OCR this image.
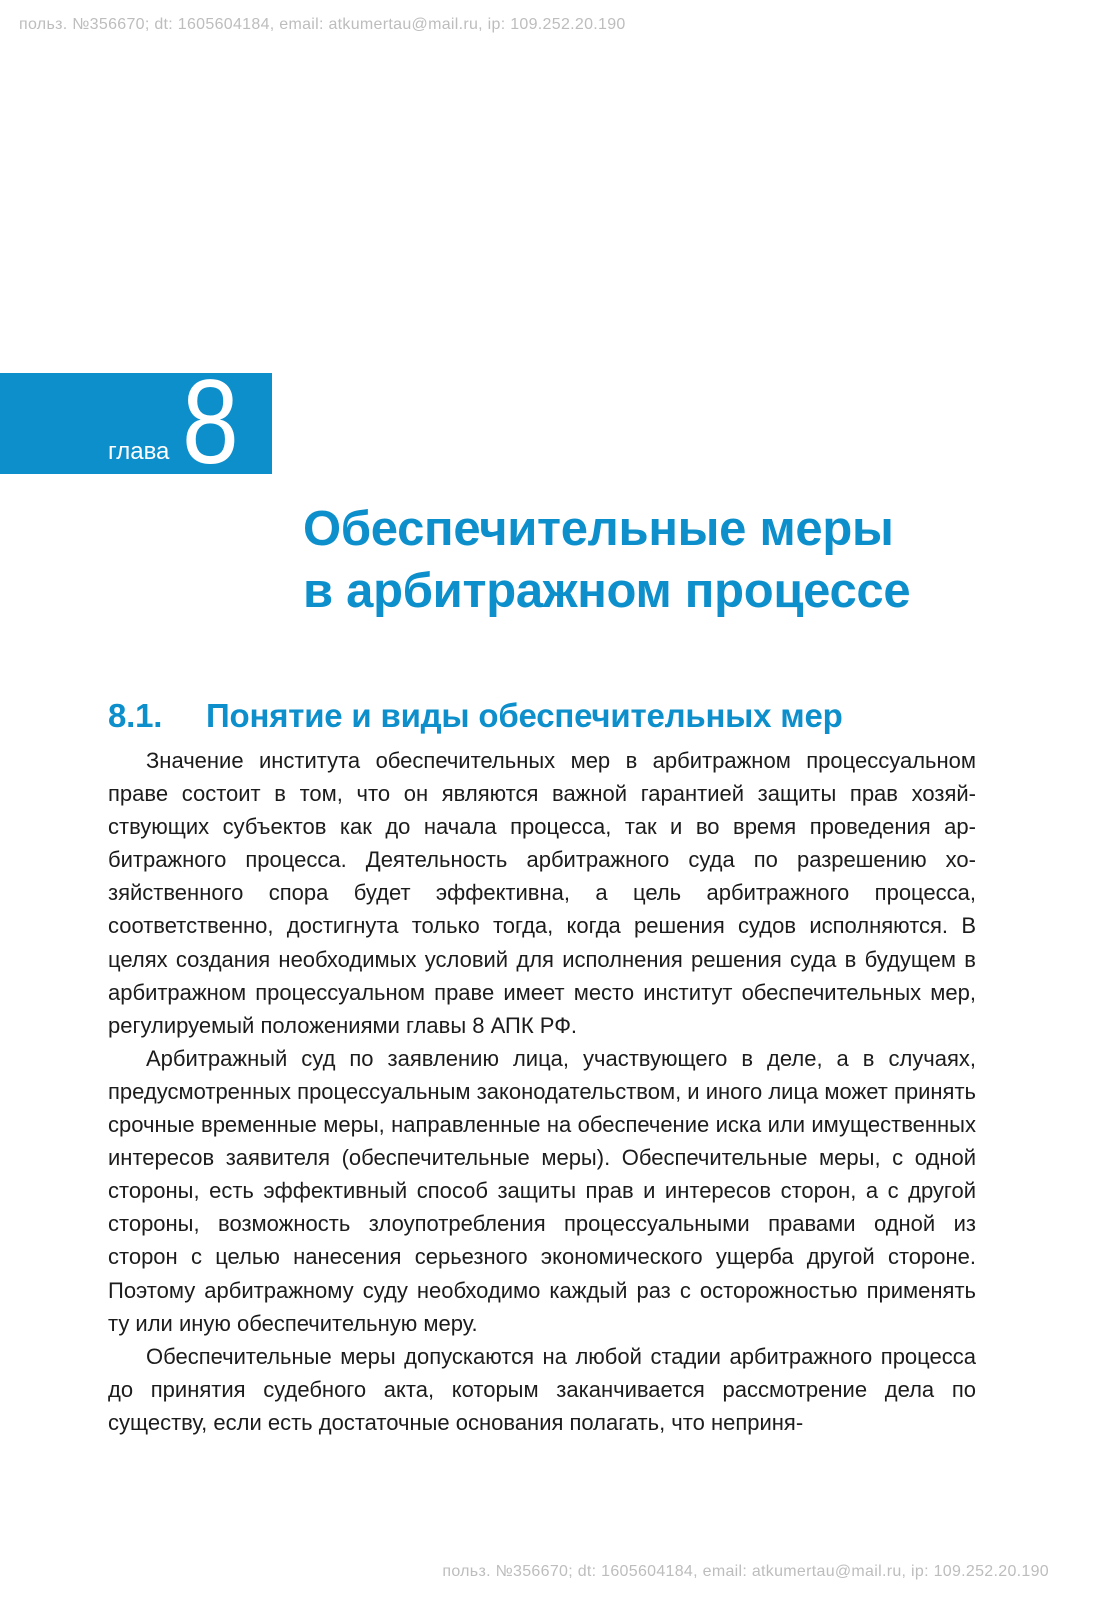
польз. №356670; dt: 1605604184, email: atkumertau@mail.ru, ip: 109.252.20.190
глава 8
Обеспечительные меры
в арбитражном процессе
8.1. Понятие и виды обеспечительных мер

Значение института обеспечительных мер в арбитражном процессуальном праве состоит в том, что он являются важной гарантией защиты прав хозяйствующих субъектов как до начала процесса, так и во время проведения арбитражного процесса. Деятельность арбитражного суда по разрешению хозяйственного спора будет эффективна, а цель арбитражного процесса, соответственно, достигнута только тогда, когда решения судов исполняются. В целях создания необходимых условий для исполнения решения суда в будущем в арбитражном процессуальном праве имеет место институт обеспечительных мер, регулируемый положениями главы 8 АПК РФ.

Арбитражный суд по заявлению лица, участвующего в деле, а в случаях, предусмотренных процессуальным законодательством, и иного лица может принять срочные временные меры, направленные на обеспечение иска или имущественных интересов заявителя (обеспечительные меры). Обеспечительные меры, с одной стороны, есть эффективный способ защиты прав и интересов сторон, а с другой стороны, возможность злоупотребления процессуальными правами одной из сторон с целью нанесения серьезного экономического ущерба другой стороне. Поэтому арбитражному суду необходимо каждый раз с осторожностью применять ту или иную обеспечительную меру.

Обеспечительные меры допускаются на любой стадии арбитражного процесса до принятия судебного акта, которым заканчивается рассмотрение дела по существу, если есть достаточные основания полагать, что неприня-

польз. №356670; dt: 1605604184, email: atkumertau@mail.ru, ip: 109.252.20.190
